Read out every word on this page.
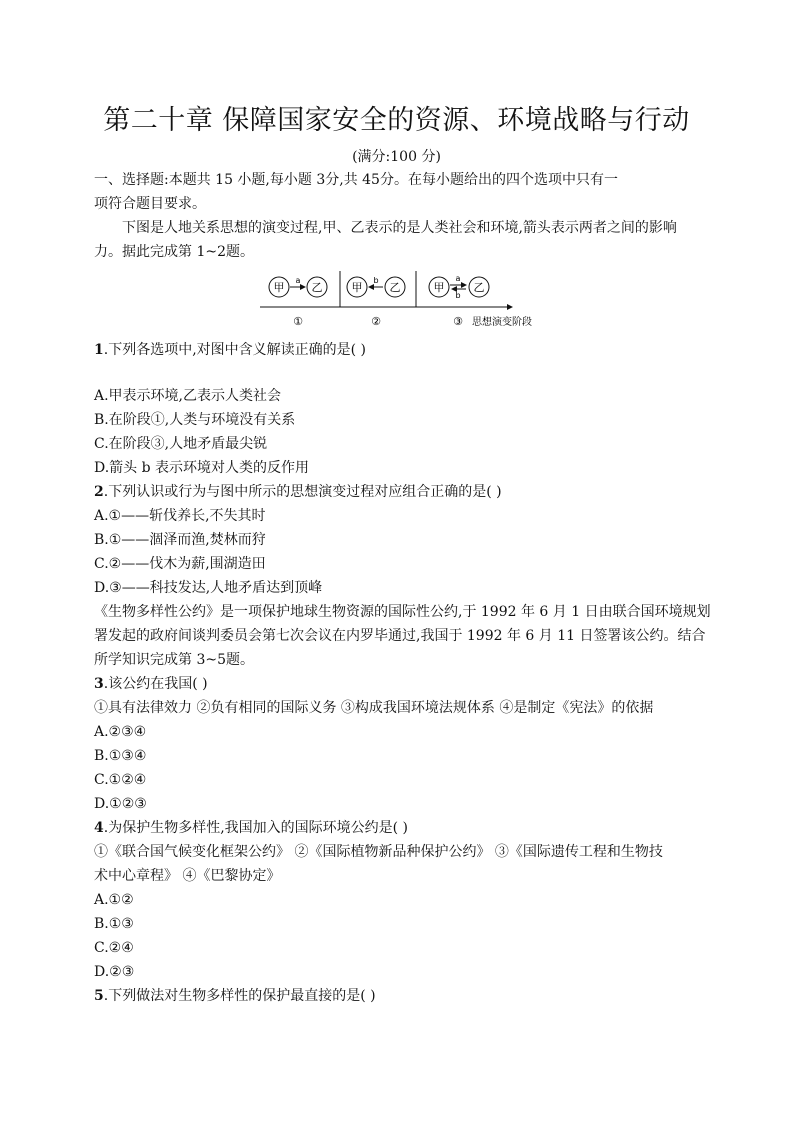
第二十章 保障国家安全的资源、环境战略与行动
(满分:100 分)
一、选择题:本题共 15 小题,每小题 3分,共 45分。在每小题给出的四个选项中只有一
项符合题目要求。
下图是人地关系思想的演变过程,甲、乙表示的是人类社会和环境,箭头表示两者之间的影响
力。据此完成第 1~2题。
甲 乙
a
甲 乙
b
甲	乙
a
b
①	②	③ 思想演变阶段
1.下列各选项中,对图中含义解读正确的是( )
A.甲表示环境,乙表示人类社会
B.在阶段①,人类与环境没有关系
C.在阶段③,人地矛盾最尖锐
D.箭头 b 表示环境对人类的反作用
2.下列认识或行为与图中所示的思想演变过程对应组合正确的是( )
A.①——斩伐养长,不失其时
B.①——涸泽而渔,焚林而狩
C.②——伐木为薪,围湖造田
D.③——科技发达,人地矛盾达到顶峰
《生物多样性公约》是一项保护地球生物资源的国际性公约,于 1992 年 6 月 1 日由联合国环境规划
署发起的政府间谈判委员会第七次会议在内罗毕通过,我国于 1992 年 6 月 11 日签署该公约。结合
所学知识完成第 3~5题。
3.该公约在我国( )
①具有法律效力 ②负有相同的国际义务 ③构成我国环境法规体系 ④是制定《宪法》的依据
A.②③④
B.①③④
C.①②④
D.①②③
4.为保护生物多样性,我国加入的国际环境公约是( )
①《联合国气候变化框架公约》 ②《国际植物新品种保护公约》 ③《国际遗传工程和生物技
术中心章程》 ④《巴黎协定》
A.①②
B.①③
C.②④
D.②③
5.下列做法对生物多样性的保护最直接的是( )
